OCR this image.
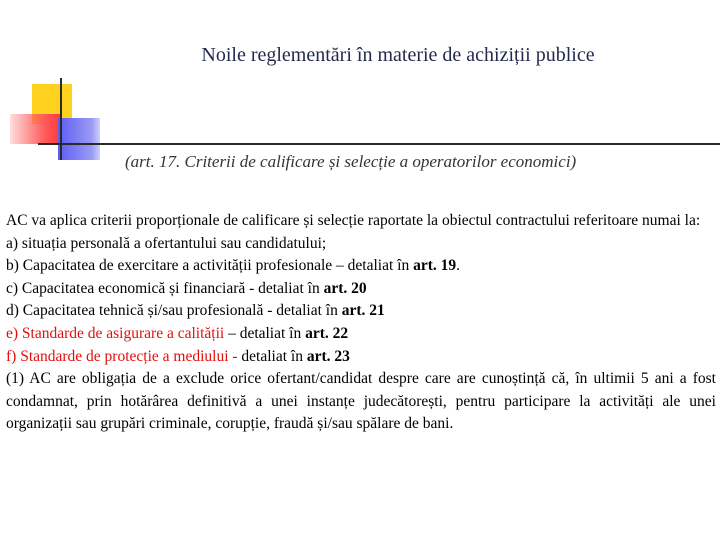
Noile reglementări în materie de achiziții publice
(art. 17. Criterii de calificare și selecție a operatorilor economici)

AC va aplica criterii proporționale de calificare și selecție raportate la obiectul contractului referitoare numai la:

a) situația personală a ofertantului sau candidatului;

b) Capacitatea de exercitare a activității profesionale – detaliat în art. 19.

c) Capacitatea economică și financiară - detaliat în art. 20

d) Capacitatea tehnică și/sau profesională - detaliat în art. 21

e) Standarde de asigurare a calității – detaliat în art. 22

f) Standarde de protecție a mediului - detaliat în art. 23

(1) AC are obligația de a exclude orice ofertant/candidat despre care are cunoștință că, în ultimii 5 ani a fost condamnat, prin hotărârea definitivă a unei instanțe judecătorești, pentru participare la activități ale unei organizații sau grupări criminale, corupție, fraudă și/sau spălare de bani.
